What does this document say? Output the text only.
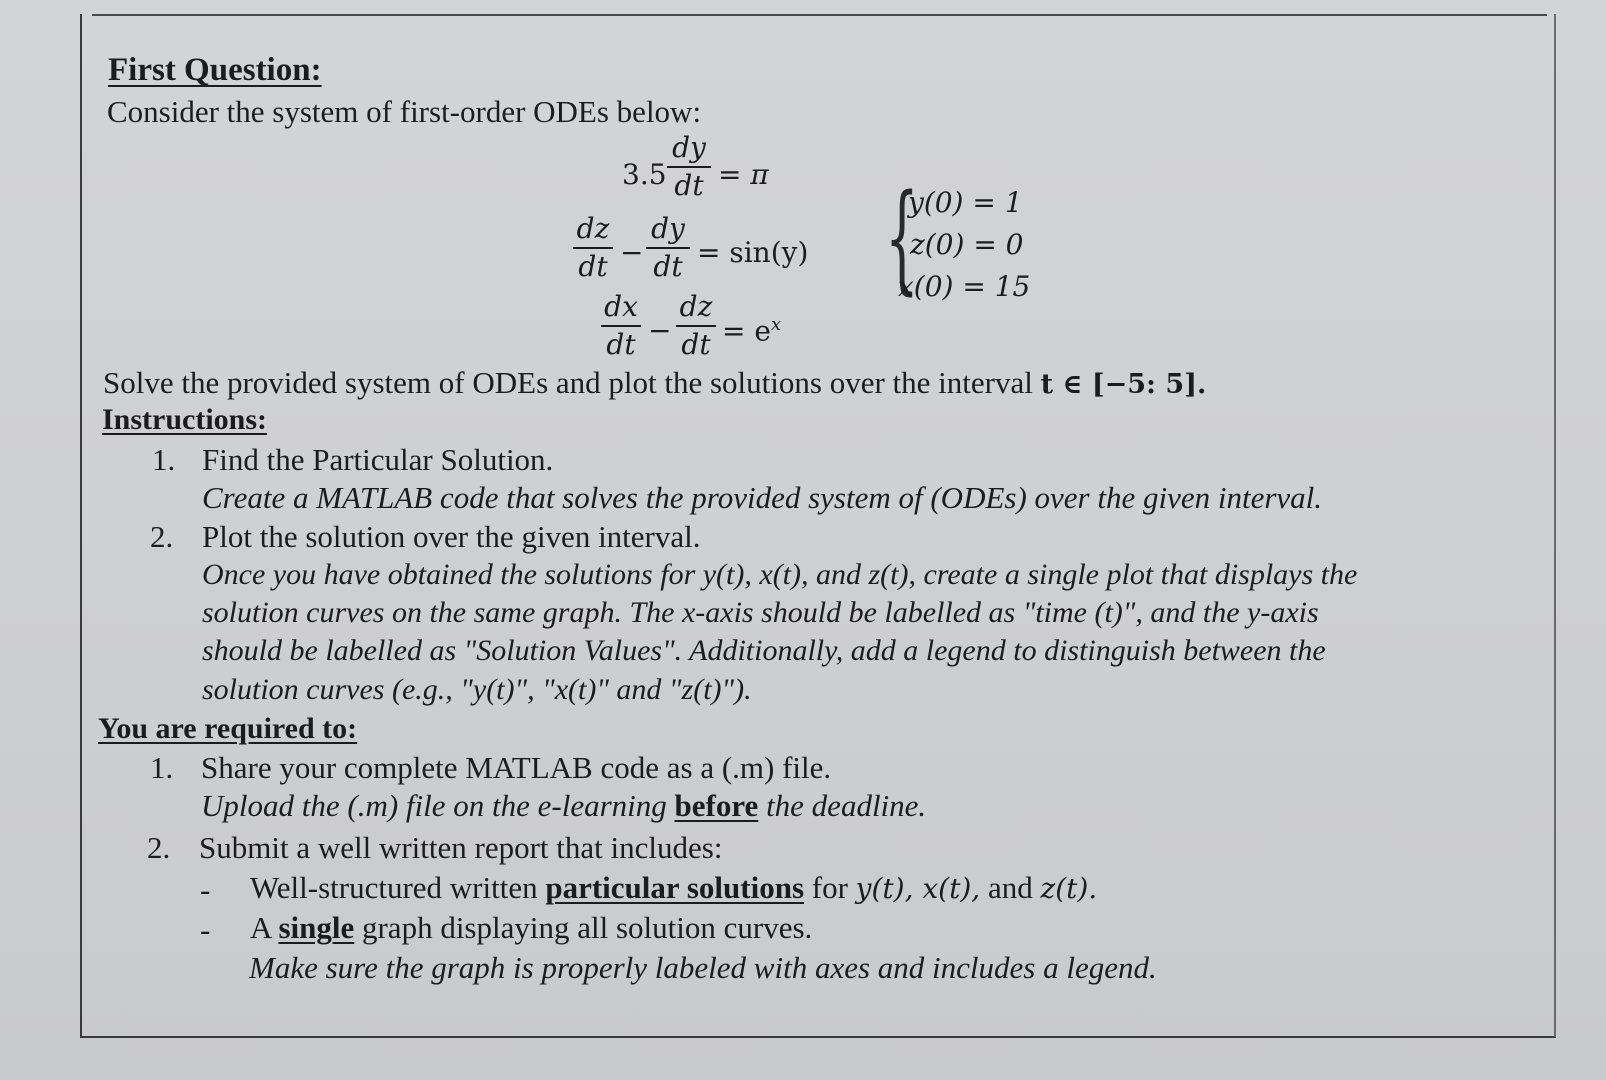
First Question:
Consider the system of first-order ODEs below:
3.5
dy
dt = π
dz
dt −
dy
dt = sin(y)
dx
dt −
dz
dt = $e^x$
{
y(0) = 1
z(0) = 0
x(0) = 15
Solve the provided system of ODEs and plot the solutions over the interval t ∈ [−5: 5].
Instructions:
1. Find the Particular Solution.
Create a MATLAB code that solves the provided system of (ODEs) over the given interval.
2. Plot the solution over the given interval.
Once you have obtained the solutions for y(t), x(t), and z(t), create a single plot that displays the
solution curves on the same graph. The x-axis should be labelled as "time (t)", and the y-axis
should be labelled as "Solution Values". Additionally, add a legend to distinguish between the
solution curves (e.g., "y(t)", "x(t)" and "z(t)").
You are required to:
1. Share your complete MATLAB code as a (.m) file.
Upload the (.m) file on the e-learning before the deadline.
2. Submit a well written report that includes:
- Well-structured written particular solutions for y(t), x(t), and z(t).
- A single graph displaying all solution curves.
Make sure the graph is properly labeled with axes and includes a legend.
